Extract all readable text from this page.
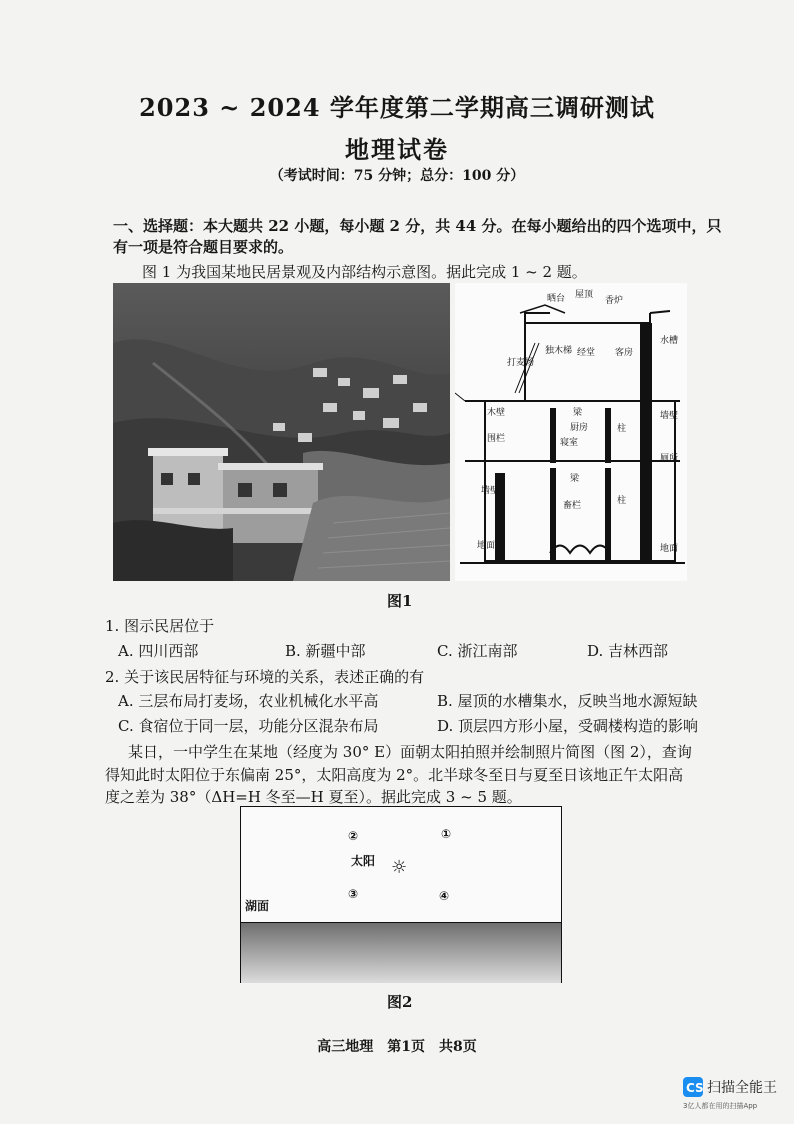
2023 ~ 2024 学年度第二学期高三调研测试
地理试卷
（考试时间：75 分钟；总分：100 分）
一、选择题：本大题共 22 小题，每小题 2 分，共 44 分。在每小题给出的四个选项中，只
有一项是符合题目要求的。
图 1 为我国某地民居景观及内部结构示意图。据此完成 1 ~ 2 题。
晒台 屋顶
香炉
水槽
打麦场
独木梯 经堂 客房
木壁	梁
厨房
寝室
柱
围栏
墙壁
梁
畜栏	柱
地面
墙壁
地面
厕所
图1
1. 图示民居位于
A. 四川西部	B. 新疆中部	C. 浙江南部	D. 吉林西部
2. 关于该民居特征与环境的关系，表述正确的有
A. 三层布局打麦场，农业机械化水平高	B. 屋顶的水槽集水，反映当地水源短缺
C. 食宿位于同一层，功能分区混杂布局	D. 顶层四方形小屋，受碉楼构造的影响
某日，一中学生在某地（经度为 30° E）面朝太阳拍照并绘制照片简图（图 2），查询
得知此时太阳位于东偏南 25°，太阳高度为 2°。北半球冬至日与夏至日该地正午太阳高
度之差为 38°（ΔH=H 冬至—H 夏至）。据此完成 3 ~ 5 题。
②	①
太阳 ☼
③	④
湖面
图2
高三地理　第1页　共8页
CS 扫描全能王
3亿人都在用的扫描App
